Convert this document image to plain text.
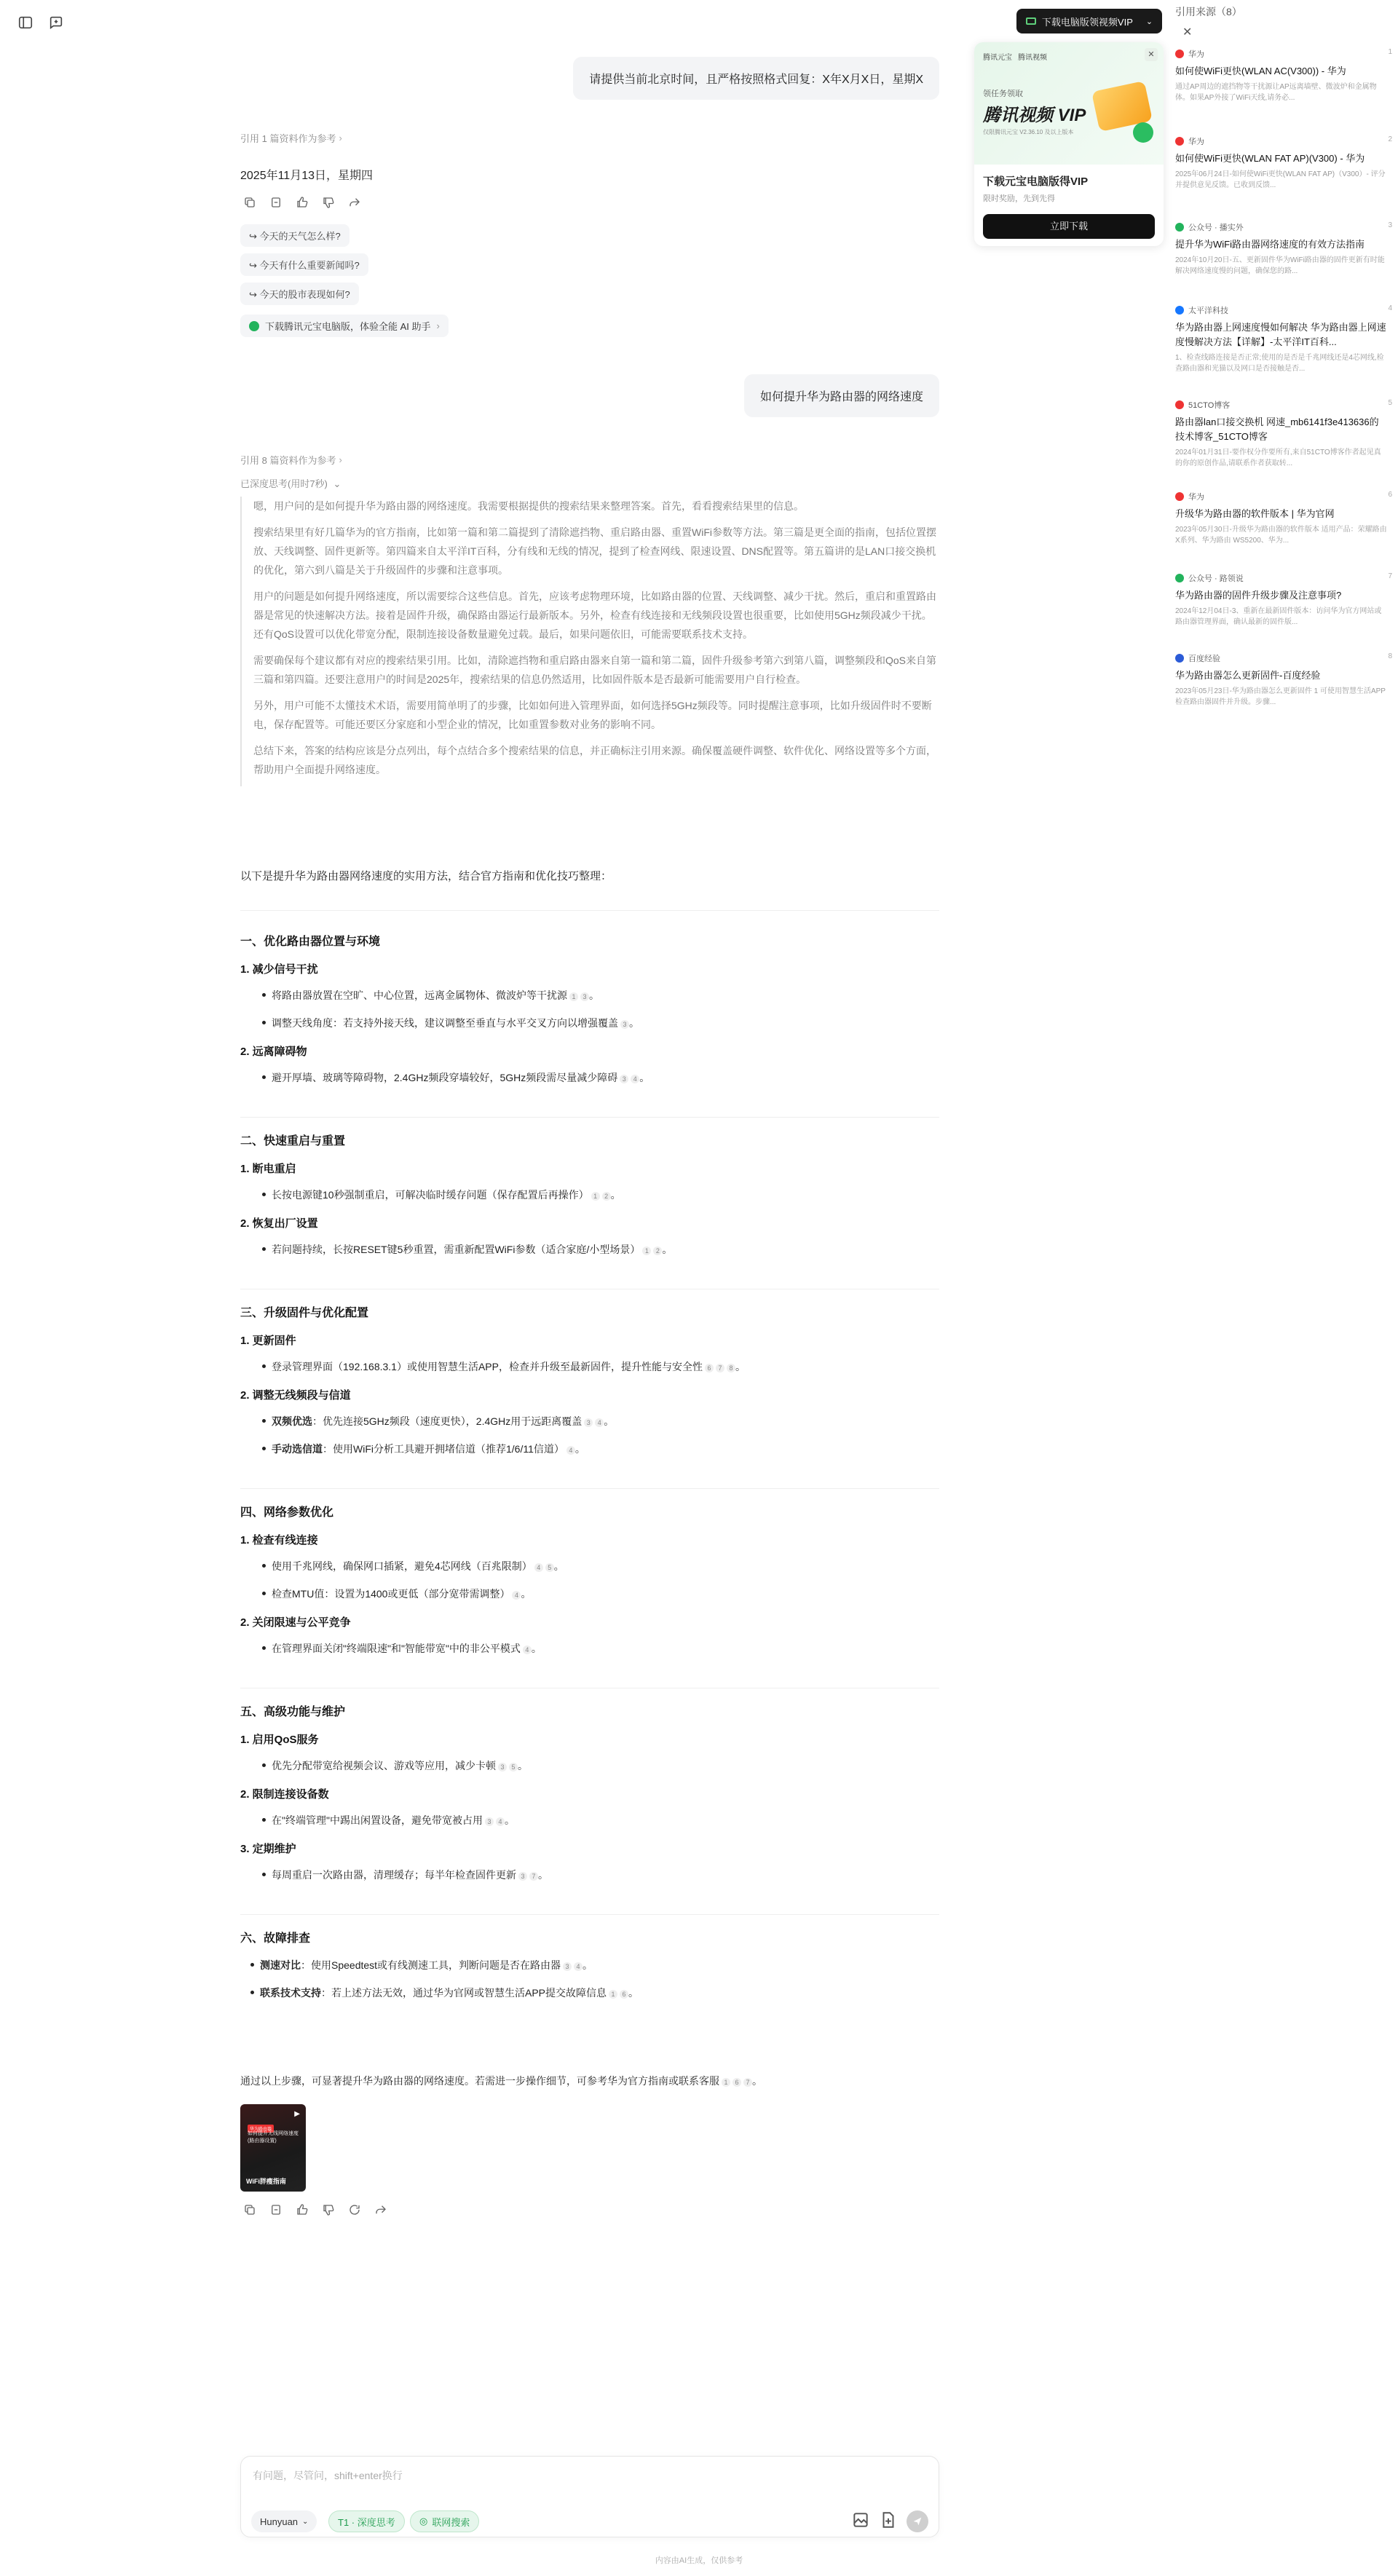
下载电脑版领视频VIP ⌄
请提供当前北京时间，且严格按照格式回复：X年X月X日，星期X
引用 1 篇资料作为参考 ›
2025年11月13日，星期四
↪ 今天的天气怎么样?
↪ 今天有什么重要新闻吗?
↪ 今天的股市表现如何?
下载腾讯元宝电脑版，体验全能 AI 助手 ›
如何提升华为路由器的网络速度
引用 8 篇资料作为参考 ›
已深度思考(用时7秒) ⌄

嗯，用户问的是如何提升华为路由器的网络速度。我需要根据提供的搜索结果来整理答案。首先，看看搜索结果里的信息。

搜索结果里有好几篇华为的官方指南，比如第一篇和第二篇提到了清除遮挡物、重启路由器、重置WiFi参数等方法。第三篇是更全面的指南，包括位置摆放、天线调整、固件更新等。第四篇来自太平洋IT百科，分有线和无线的情况，提到了检查网线、限速设置、DNS配置等。第五篇讲的是LAN口接交换机的优化，第六到八篇是关于升级固件的步骤和注意事项。

用户的问题是如何提升网络速度，所以需要综合这些信息。首先，应该考虑物理环境，比如路由器的位置、天线调整、减少干扰。然后，重启和重置路由器是常见的快速解决方法。接着是固件升级，确保路由器运行最新版本。另外，检查有线连接和无线频段设置也很重要，比如使用5GHz频段减少干扰。还有QoS设置可以优化带宽分配，限制连接设备数量避免过载。最后，如果问题依旧，可能需要联系技术支持。

需要确保每个建议都有对应的搜索结果引用。比如，清除遮挡物和重启路由器来自第一篇和第二篇，固件升级参考第六到第八篇，调整频段和QoS来自第三篇和第四篇。还要注意用户的时间是2025年，搜索结果的信息仍然适用，比如固件版本是否最新可能需要用户自行检查。

另外，用户可能不太懂技术术语，需要用简单明了的步骤，比如如何进入管理界面，如何选择5GHz频段等。同时提醒注意事项，比如升级固件时不要断电，保存配置等。可能还要区分家庭和小型企业的情况，比如重置参数对业务的影响不同。

总结下来，答案的结构应该是分点列出，每个点结合多个搜索结果的信息，并正确标注引用来源。确保覆盖硬件调整、软件优化、网络设置等多个方面，帮助用户全面提升网络速度。

以下是提升华为路由器网络速度的实用方法，结合官方指南和优化技巧整理：
一、优化路由器位置与环境
1. 减少信号干扰
将路由器放置在空旷、中心位置，远离金属物体、微波炉等干扰源 1 3 。
调整天线角度：若支持外接天线，建议调整至垂直与水平交叉方向以增强覆盖 3 。
2. 远离障碍物
避开厚墙、玻璃等障碍物，2.4GHz频段穿墙较好，5GHz频段需尽量减少障碍 3 4 。
二、快速重启与重置
1. 断电重启
长按电源键10秒强制重启，可解决临时缓存问题（保存配置后再操作） 1 2 。
2. 恢复出厂设置
若问题持续，长按RESET键5秒重置，需重新配置WiFi参数（适合家庭/小型场景） 1 2 。
三、升级固件与优化配置
1. 更新固件
登录管理界面（192.168.3.1）或使用智慧生活APP，检查并升级至最新固件，提升性能与安全性 6 7 8 。
2. 调整无线频段与信道
双频优选：优先连接5GHz频段（速度更快），2.4GHz用于远距离覆盖 3 4 。
手动选信道：使用WiFi分析工具避开拥堵信道（推荐1/6/11信道） 4 。
四、网络参数优化
1. 检查有线连接
使用千兆网线，确保网口插紧，避免4芯网线（百兆限制） 4 5 。
检查MTU值：设置为1400或更低（部分宽带需调整） 4 。
2. 关闭限速与公平竞争
在管理界面关闭"终端限速"和"智能带宽"中的非公平模式 4 。
五、高级功能与维护
1. 启用QoS服务
优先分配带宽给视频会议、游戏等应用，减少卡顿 3 5 。
2. 限制连接设备数
在"终端管理"中踢出闲置设备，避免带宽被占用 3 4 。
3. 定期维护
每周重启一次路由器，清理缓存；每半年检查固件更新 3 7 。
六、故障排查
测速对比：使用Speedtest或有线测速工具，判断问题是否在路由器 3 4 。
联系技术支持：若上述方法无效，通过华为官网或智慧生活APP提交故障信息 1 6 。
通过以上步骤，可显著提升华为路由器的网络速度。若需进一步操作细节，可参考华为官方指南或联系客服 1 6 7 。
▶
华为路由器
如何提升无线网络速度(路由器设置)
WiFi胖瘦指南
腾讯元宝 腾讯视频
领任务领取
腾讯视频 VIP
仅限腾讯元宝 V2.36.10 及以上版本
✕
下载元宝电脑版得VIP
限时奖励，先到先得
立即下载
引用来源（8）
✕
华为	1
如何使WiFi更快(WLAN AC(V300)) - 华为
通过AP周边的遮挡物等干扰源让AP远离墙壁、微波炉和金属物体。如果AP外接了WiFi天线,请务必...
华为	2
如何使WiFi更快(WLAN FAT AP)(V300) - 华为
2025年06月24日-如何使WiFi更快(WLAN FAT AP)（V300）- 评分并提供意见反馈。已收到反馈...
公众号 · 播实外	3
提升华为WiFi路由器网络速度的有效方法指南
2024年10月20日-五、更新固件华为WiFi路由器的固件更新有时能解决网络速度慢的问题，确保您的路...
太平洋科技	4
华为路由器上网速度慢如何解决 华为路由器上网速度慢解决方法【详解】-太平洋IT百科...
1、检查线路连接是否正常;使用的是否是千兆网线还是4芯网线,检查路由器和光猫以及网口是否接触是否...
51CTO博客	5
路由器lan口接交换机 网速_mb6141f3e413636的技术博客_51CTO博客
2024年01月31日-要作权分作要所有,来自51CTO博客作者起见真的你的原创作品,请联系作者获取转...
华为	6
升级华为路由器的软件版本 | 华为官网
2023年05月30日-升级华为路由器的软件版本 适用产品：荣耀路由X系列、华为路由 WS5200、华为...
公众号 · 路领说	7
华为路由器的固件升级步骤及注意事项?
2024年12月04日-3、重新在最新固件版本：访问华为官方网站或路由器管理界面，确认最新的固件版...
百度经验	8
华为路由器怎么更新固件-百度经验
2023年05月23日-华为路由器怎么更新固件 1 可使用智慧生活APP检查路由器固件并升级。步骤...
有问题，尽管问，shift+enter换行
Hunyuan ⌄	T1 · 深度思考	◎ 联网搜索
内容由AI生成，仅供参考
